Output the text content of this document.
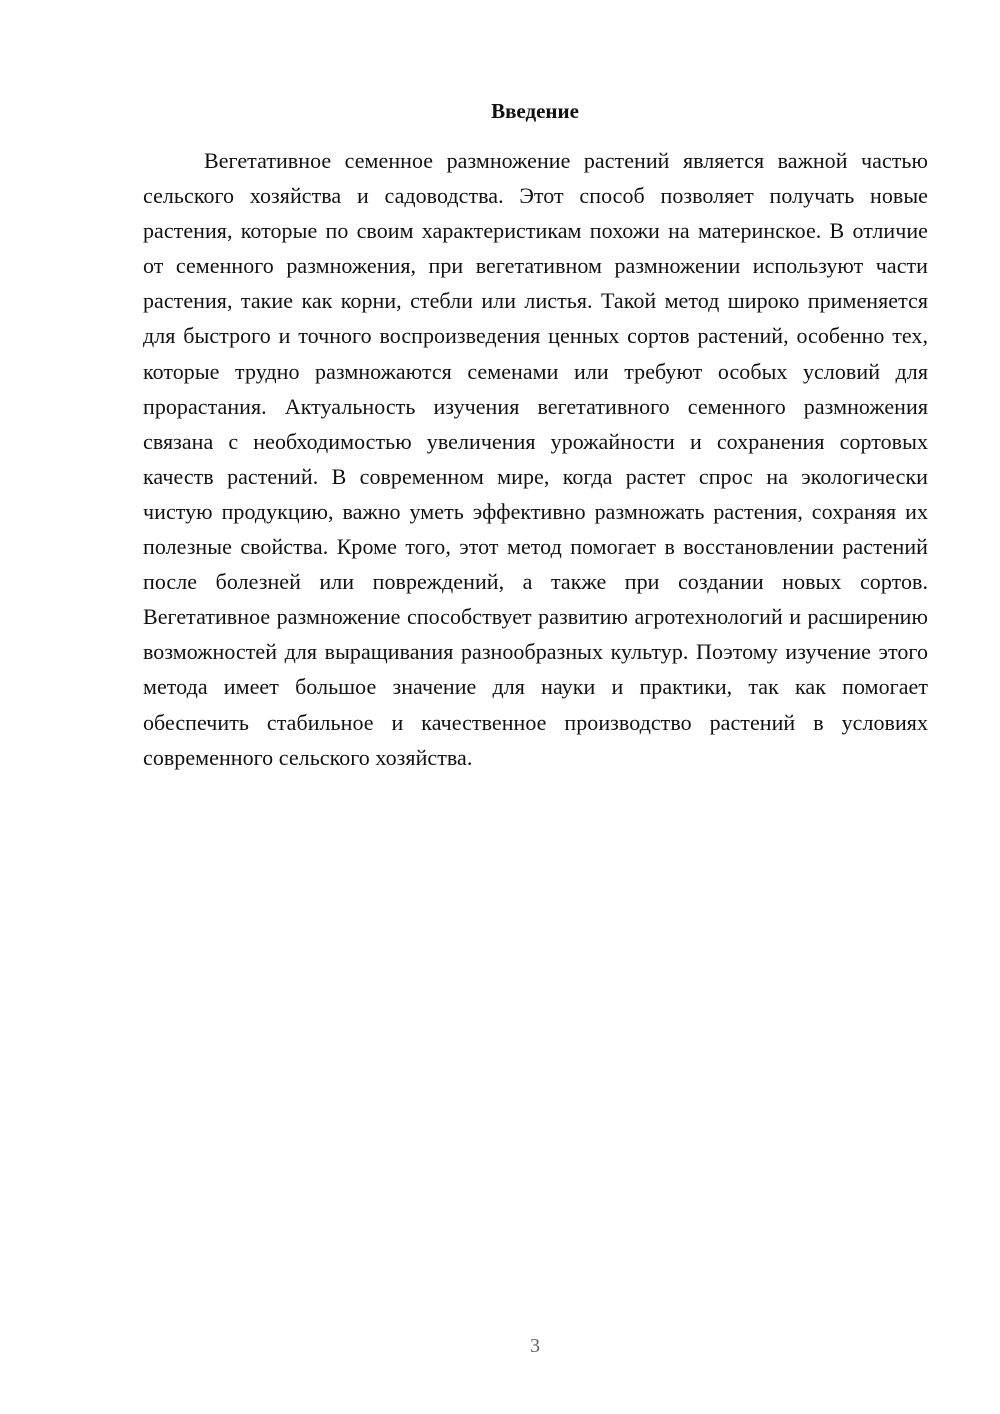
Введение

Вегетативное семенное размножение растений является важной частью сельского хозяйства и садоводства. Этот способ позволяет получать новые растения, которые по своим характеристикам похожи на материнское. В отличие от семенного размножения, при вегетативном размножении используют части растения, такие как корни, стебли или листья. Такой метод широко применяется для быстрого и точного воспроизведения ценных сортов растений, особенно тех, которые трудно размножаются семенами или требуют особых условий для прорастания. Актуальность изучения вегетативного семенного размножения связана с необходимостью увеличения урожайности и сохранения сортовых качеств растений. В современном мире, когда растет спрос на экологически чистую продукцию, важно уметь эффективно размножать растения, сохраняя их полезные свойства. Кроме того, этот метод помогает в восстановлении растений после болезней или повреждений, а также при создании новых сортов. Вегетативное размножение способствует развитию агротехнологий и расширению возможностей для выращивания разнообразных культур. Поэтому изучение этого метода имеет большое значение для науки и практики, так как помогает обеспечить стабильное и качественное производство растений в условиях современного сельского хозяйства.

3
